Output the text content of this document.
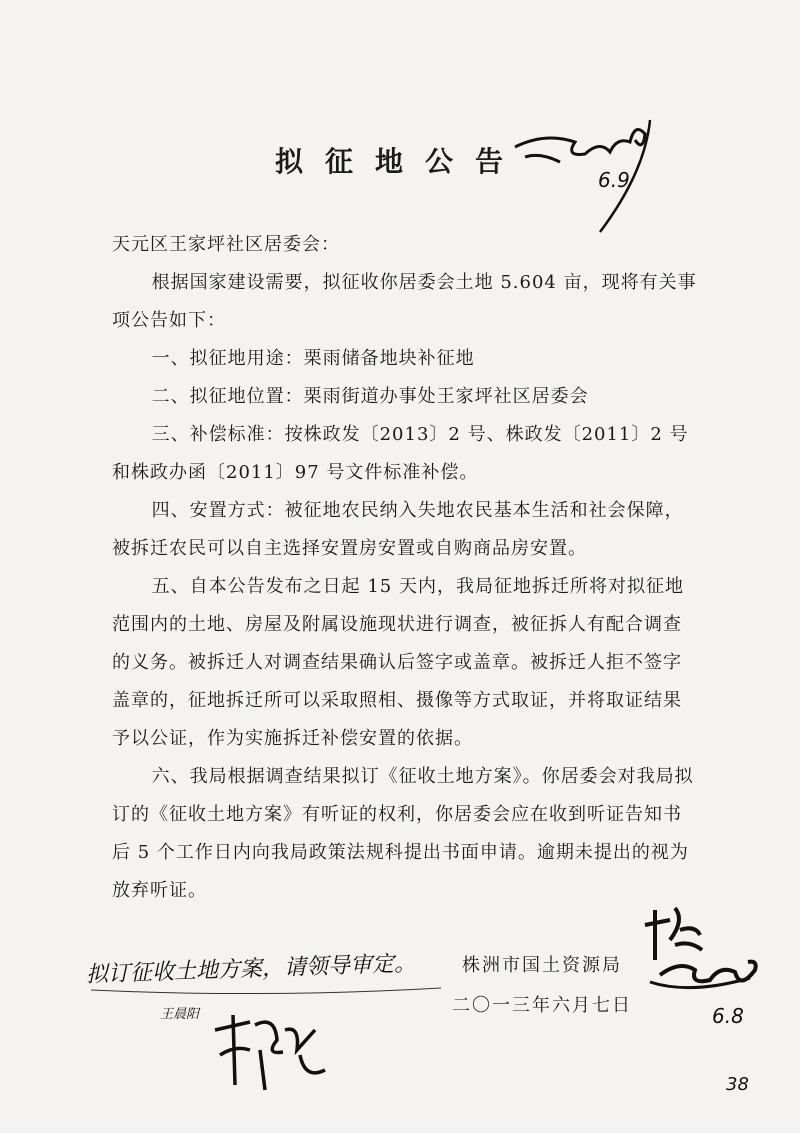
拟征地公告

天元区王家坪社区居委会：

根据国家建设需要，拟征收你居委会土地 5.604 亩，现将有关事项公告如下：

一、拟征地用途：栗雨储备地块补征地

二、拟征地位置：栗雨街道办事处王家坪社区居委会

三、补偿标准：按株政发〔2013〕2 号、株政发〔2011〕2 号和株政办函〔2011〕97 号文件标准补偿。

四、安置方式：被征地农民纳入失地农民基本生活和社会保障，被拆迁农民可以自主选择安置房安置或自购商品房安置。

五、自本公告发布之日起 15 天内，我局征地拆迁所将对拟征地范围内的土地、房屋及附属设施现状进行调查，被征拆人有配合调查的义务。被拆迁人对调查结果确认后签字或盖章。被拆迁人拒不签字盖章的，征地拆迁所可以采取照相、摄像等方式取证，并将取证结果予以公证，作为实施拆迁补偿安置的依据。

六、我局根据调查结果拟订《征收土地方案》。你居委会对我局拟订的《征收土地方案》有听证的权利，你居委会应在收到听证告知书后 5 个工作日内向我局政策法规科提出书面申请。逾期未提出的视为放弃听证。

株洲市国土资源局
二〇一三年六月七日
拟订征收土地方案，请领导审定。
王晨阳
6.9
6.8
38
